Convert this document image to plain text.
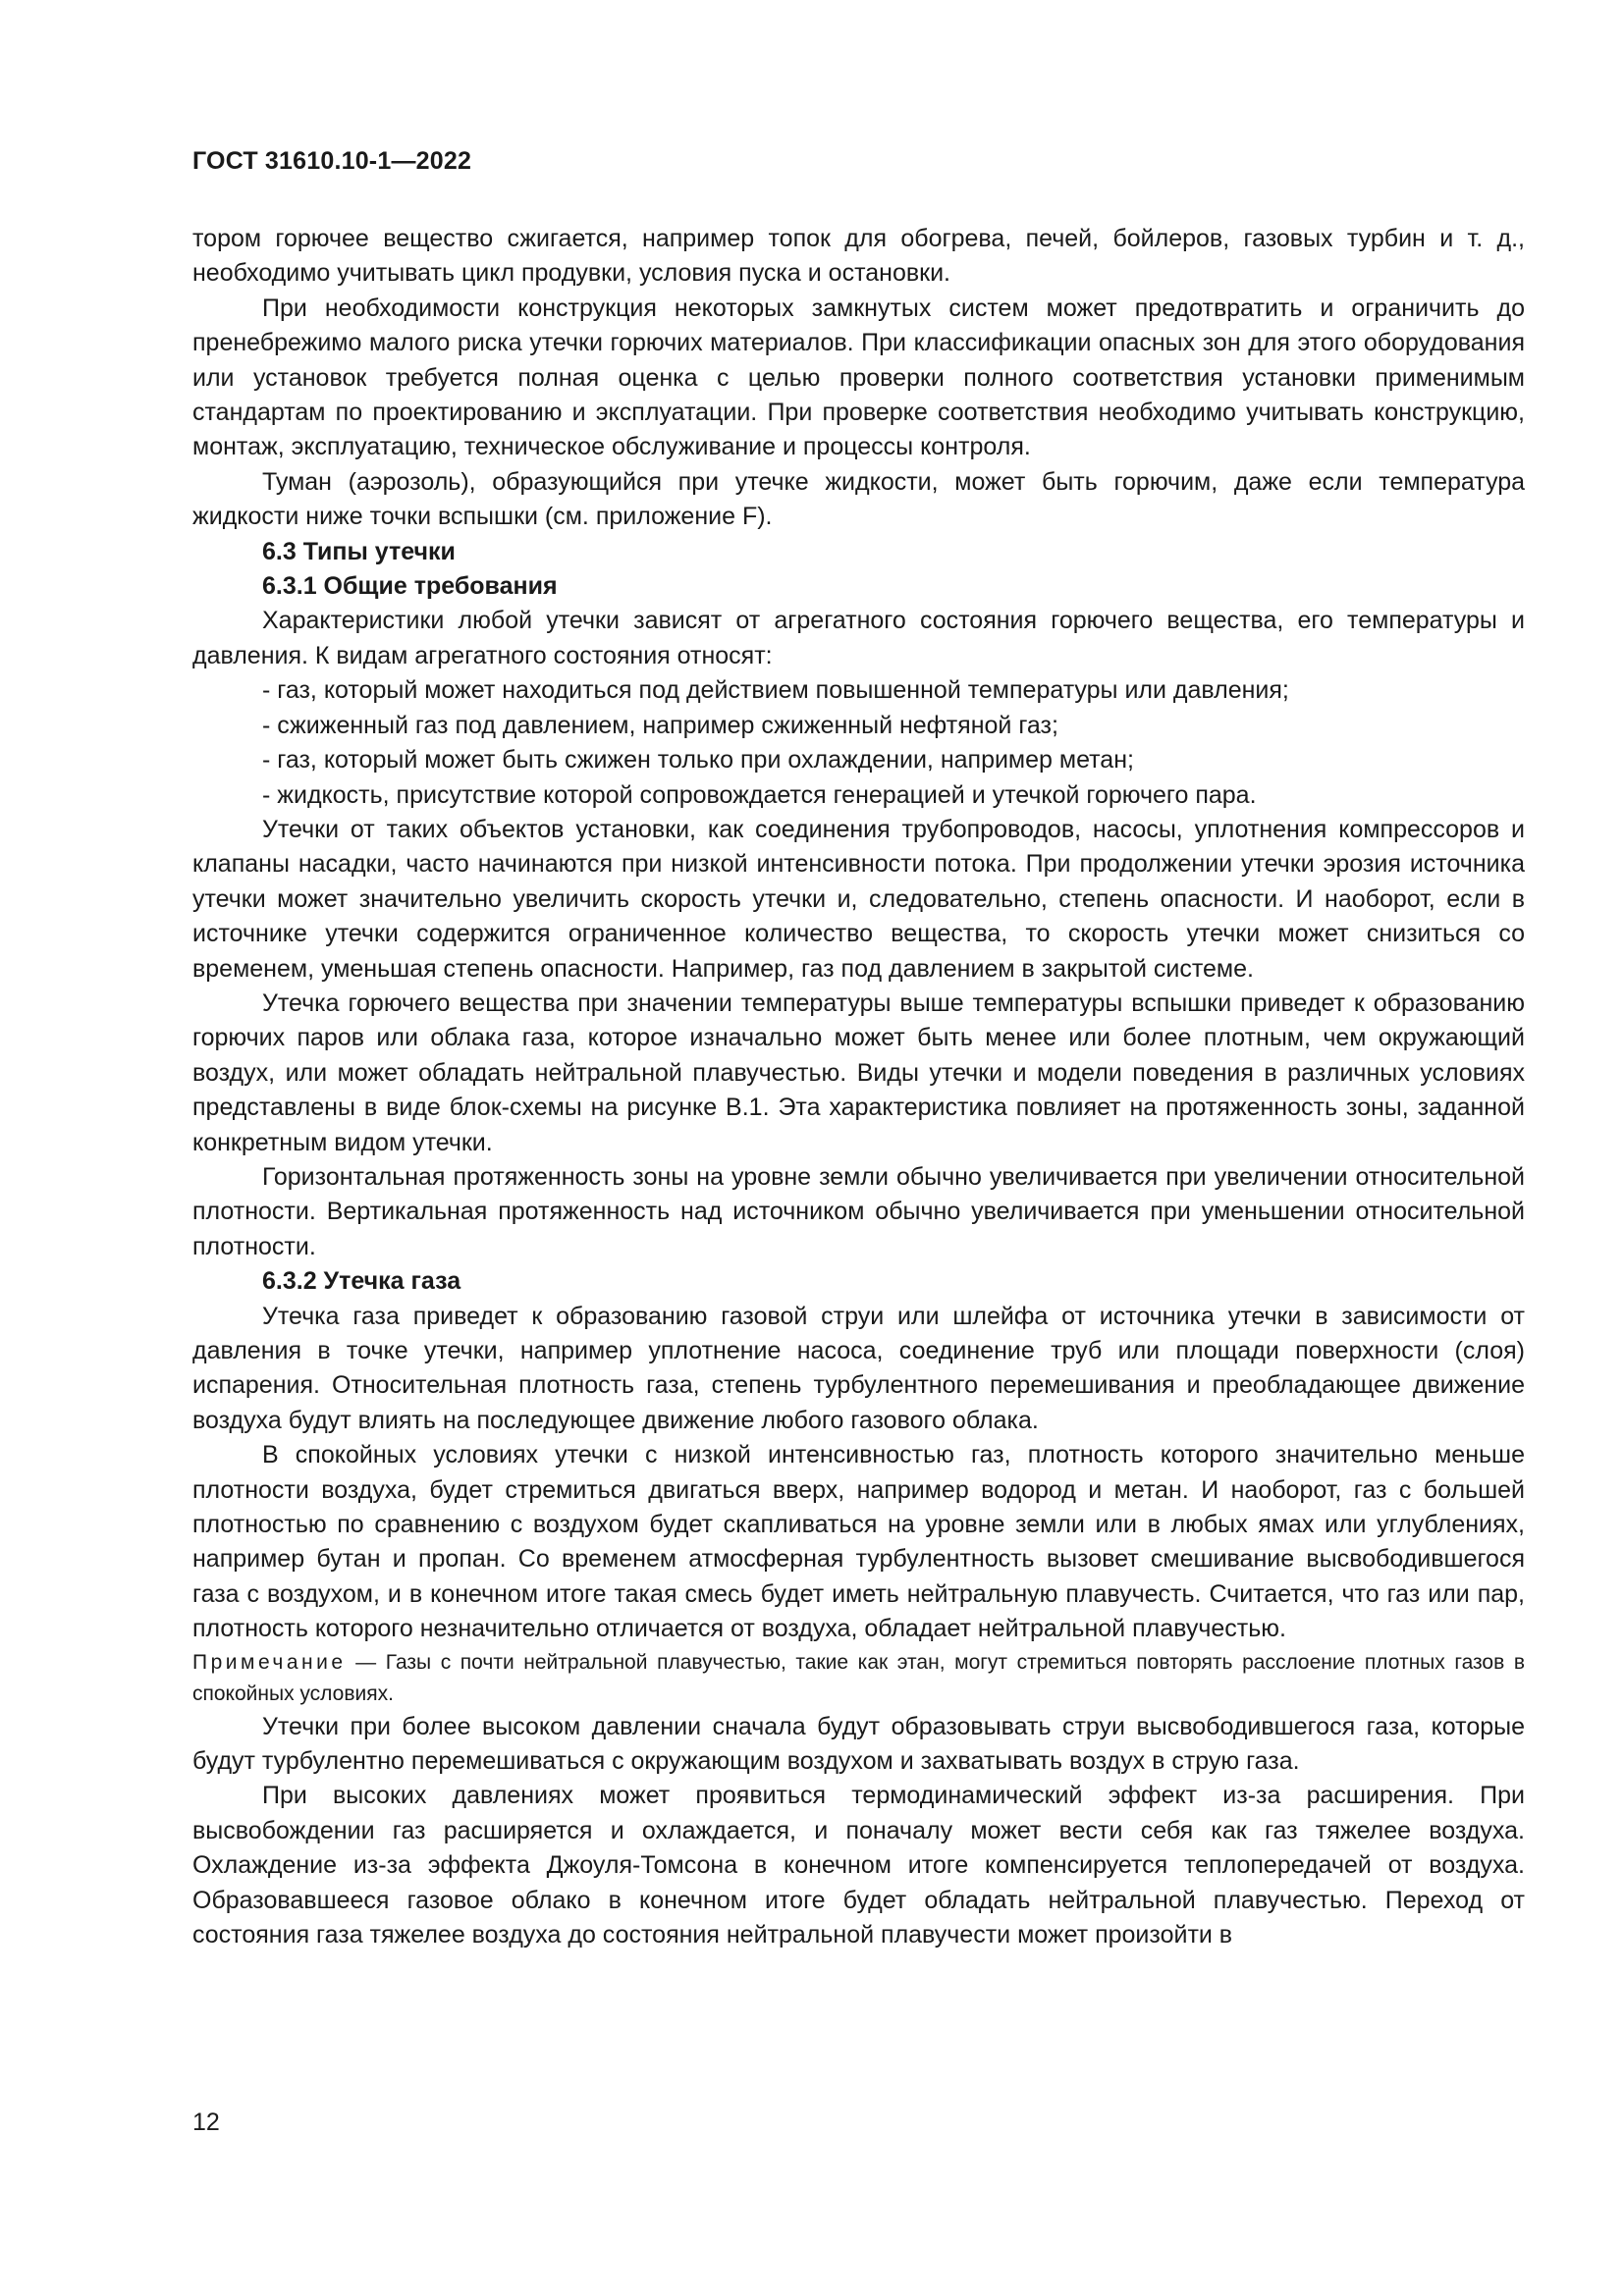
ГОСТ 31610.10-1—2022

тором горючее вещество сжигается, например топок для обогрева, печей, бойлеров, газовых турбин и т. д., необходимо учитывать цикл продувки, условия пуска и остановки.

При необходимости конструкция некоторых замкнутых систем может предотвратить и ограничить до пренебрежимо малого риска утечки горючих материалов. При классификации опасных зон для этого оборудования или установок требуется полная оценка с целью проверки полного соответствия установки применимым стандартам по проектированию и эксплуатации. При проверке соответствия необходимо учитывать конструкцию, монтаж, эксплуатацию, техническое обслуживание и процессы контроля.

Туман (аэрозоль), образующийся при утечке жидкости, может быть горючим, даже если температура жидкости ниже точки вспышки (см. приложение F).

6.3 Типы утечки

6.3.1 Общие требования

Характеристики любой утечки зависят от агрегатного состояния горючего вещества, его температуры и давления. К видам агрегатного состояния относят:

- газ, который может находиться под действием повышенной температуры или давления;

- сжиженный газ под давлением, например сжиженный нефтяной газ;

- газ, который может быть сжижен только при охлаждении, например метан;

- жидкость, присутствие которой сопровождается генерацией и утечкой горючего пара.

Утечки от таких объектов установки, как соединения трубопроводов, насосы, уплотнения компрессоров и клапаны насадки, часто начинаются при низкой интенсивности потока. При продолжении утечки эрозия источника утечки может значительно увеличить скорость утечки и, следовательно, степень опасности. И наоборот, если в источнике утечки содержится ограниченное количество вещества, то скорость утечки может снизиться со временем, уменьшая степень опасности. Например, газ под давлением в закрытой системе.

Утечка горючего вещества при значении температуры выше температуры вспышки приведет к образованию горючих паров или облака газа, которое изначально может быть менее или более плотным, чем окружающий воздух, или может обладать нейтральной плавучестью. Виды утечки и модели поведения в различных условиях представлены в виде блок-схемы на рисунке В.1. Эта характеристика повлияет на протяженность зоны, заданной конкретным видом утечки.

Горизонтальная протяженность зоны на уровне земли обычно увеличивается при увеличении относительной плотности. Вертикальная протяженность над источником обычно увеличивается при уменьшении относительной плотности.

6.3.2 Утечка газа

Утечка газа приведет к образованию газовой струи или шлейфа от источника утечки в зависимости от давления в точке утечки, например уплотнение насоса, соединение труб или площади поверхности (слоя) испарения. Относительная плотность газа, степень турбулентного перемешивания и преобладающее движение воздуха будут влиять на последующее движение любого газового облака.

В спокойных условиях утечки с низкой интенсивностью газ, плотность которого значительно меньше плотности воздуха, будет стремиться двигаться вверх, например водород и метан. И наоборот, газ с большей плотностью по сравнению с воздухом будет скапливаться на уровне земли или в любых ямах или углублениях, например бутан и пропан. Со временем атмосферная турбулентность вызовет смешивание высвободившегося газа с воздухом, и в конечном итоге такая смесь будет иметь нейтральную плавучесть. Считается, что газ или пар, плотность которого незначительно отличается от воздуха, обладает нейтральной плавучестью.

Примечание — Газы с почти нейтральной плавучестью, такие как этан, могут стремиться повторять расслоение плотных газов в спокойных условиях.

Утечки при более высоком давлении сначала будут образовывать струи высвободившегося газа, которые будут турбулентно перемешиваться с окружающим воздухом и захватывать воздух в струю газа.

При высоких давлениях может проявиться термодинамический эффект из-за расширения. При высвобождении газ расширяется и охлаждается, и поначалу может вести себя как газ тяжелее воздуха. Охлаждение из-за эффекта Джоуля-Томсона в конечном итоге компенсируется теплопередачей от воздуха. Образовавшееся газовое облако в конечном итоге будет обладать нейтральной плавучестью. Переход от состояния газа тяжелее воздуха до состояния нейтральной плавучести может произойти в

12
